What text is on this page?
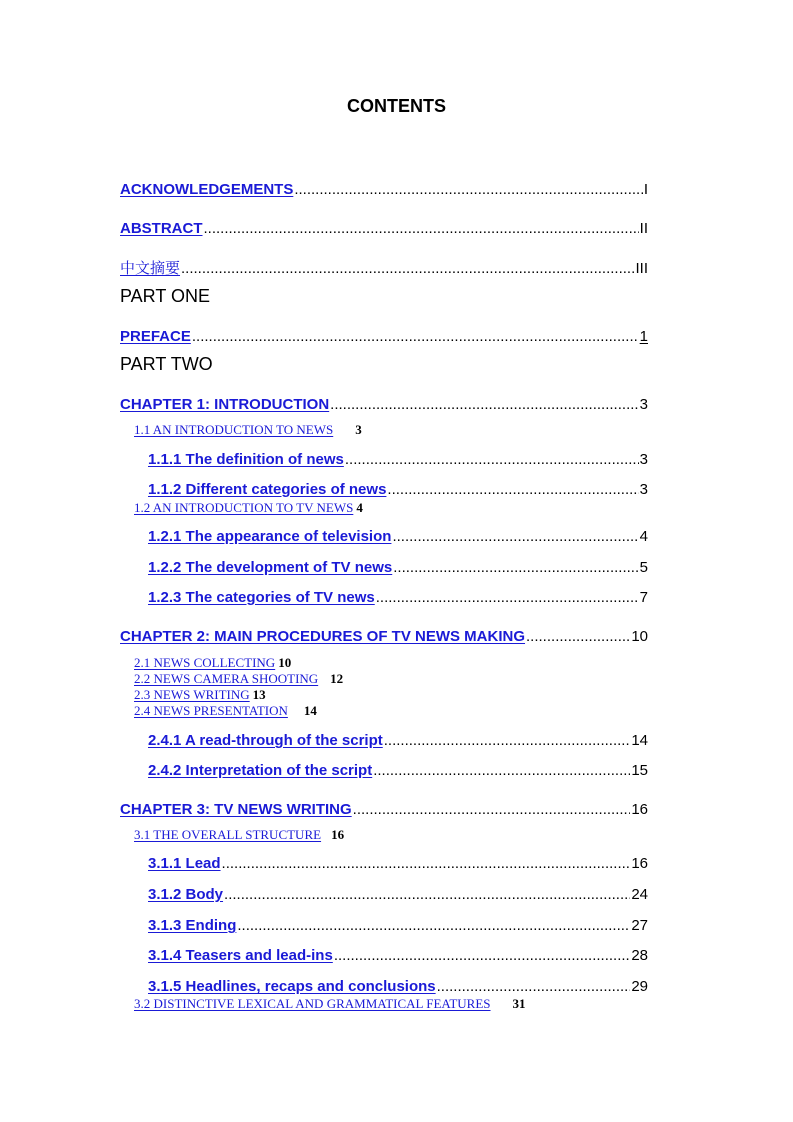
CONTENTS
ACKNOWLEDGEMENTS .....	I
ABSTRACT .....	II
中文摘要 .....	III
PART ONE
PREFACE .....	1
PART TWO
CHAPTER 1: INTRODUCTION .....	3
1.1 AN INTRODUCTION TO NEWS 3
1.1.1 The definition of news .....	3
1.1.2 Different categories of news .....	3
1.2 AN INTRODUCTION TO TV NEWS 4
1.2.1 The appearance of television .....	4
1.2.2 The development of TV news .....	5
1.2.3 The categories of TV news .....	7
CHAPTER 2: MAIN PROCEDURES OF TV NEWS MAKING .....	10
2.1 NEWS COLLECTING 10
2.2 NEWS CAMERA SHOOTING 12
2.3 NEWS WRITING 13
2.4 NEWS PRESENTATION 14
2.4.1 A read-through of the script .....	14
2.4.2 Interpretation of the script .....	15
CHAPTER 3: TV NEWS WRITING .....	16
3.1 THE OVERALL STRUCTURE 16
3.1.1 Lead .....	16
3.1.2 Body .....	24
3.1.3 Ending .....	27
3.1.4 Teasers and lead-ins .....	28
3.1.5 Headlines, recaps and conclusions .....	29
3.2 DISTINCTIVE LEXICAL AND GRAMMATICAL FEATURES 31
